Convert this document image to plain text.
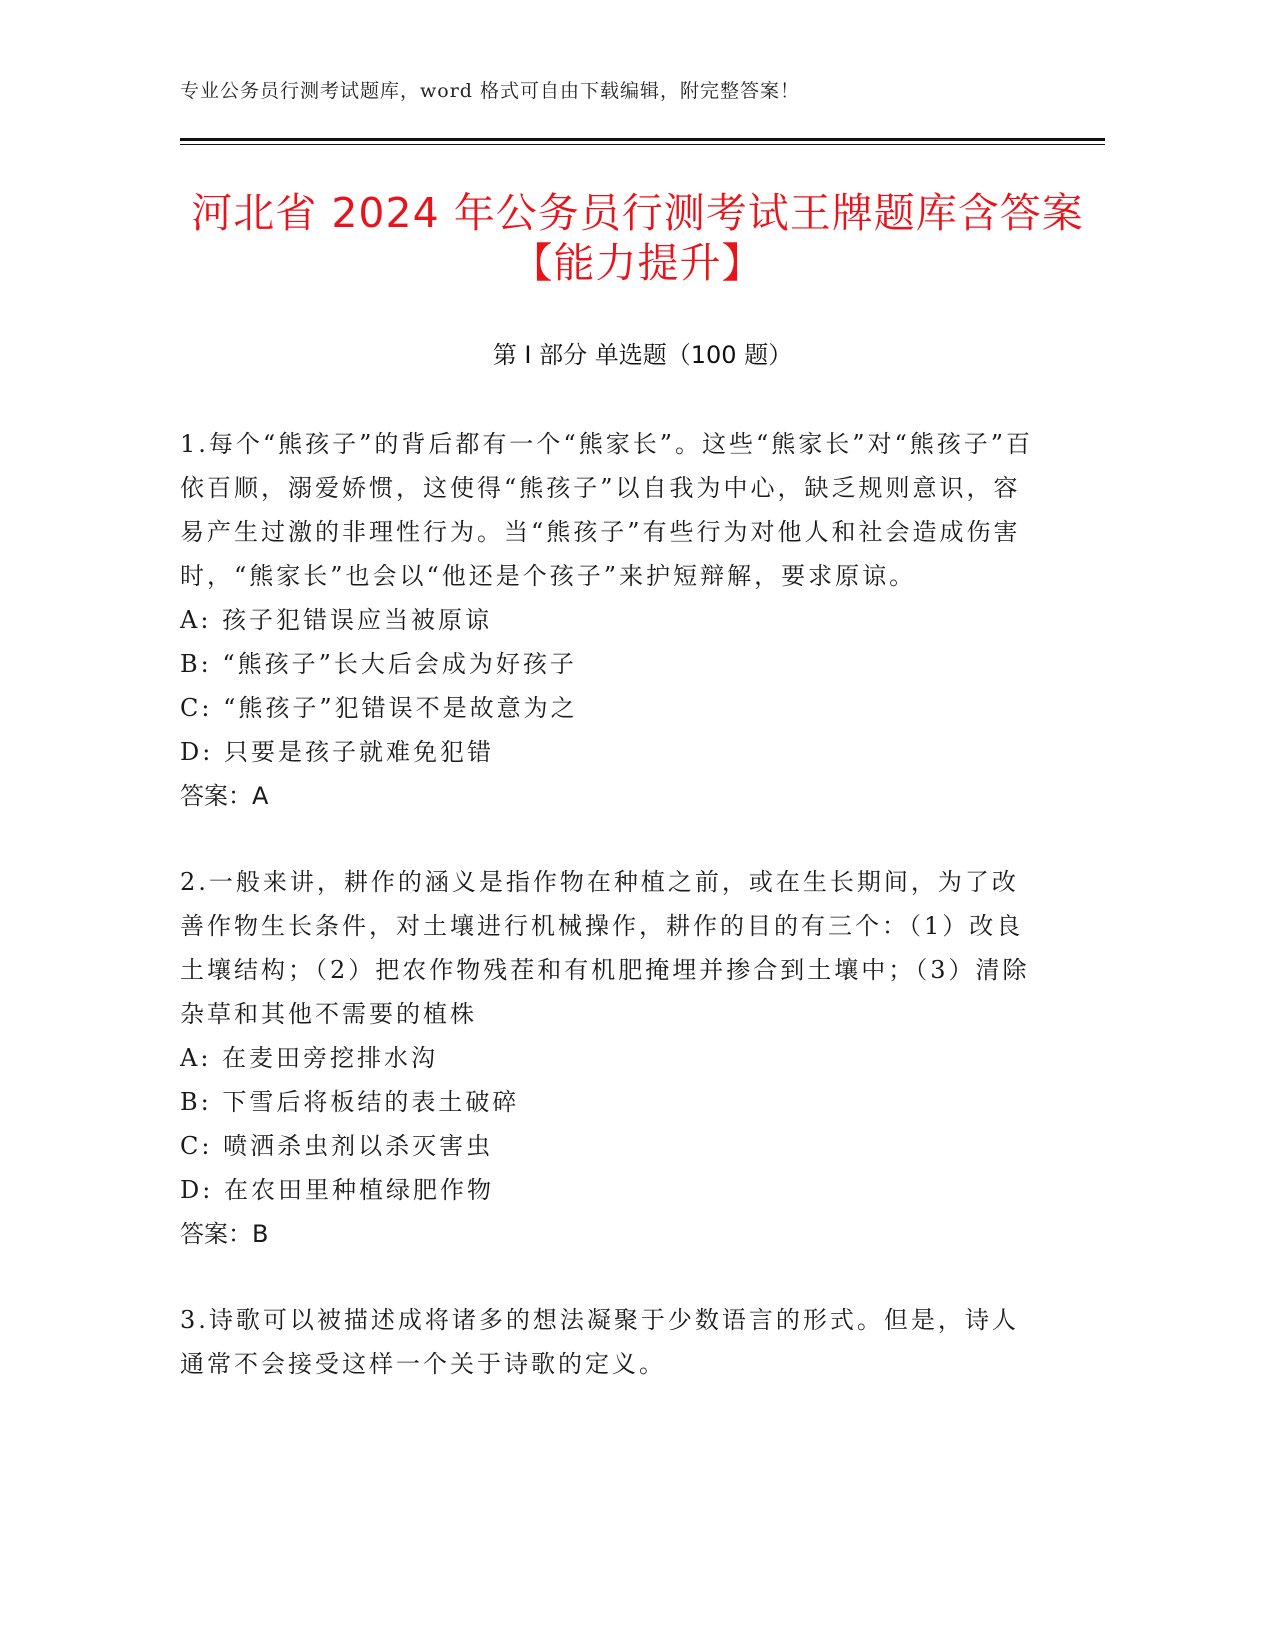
专业公务员行测考试题库，word 格式可自由下载编辑，附完整答案！
河北省 2024 年公务员行测考试王牌题库含答案【能力提升】
第 I 部分 单选题（100 题）

1.每个“熊孩子”的背后都有一个“熊家长”。这些“熊家长”对“熊孩子”百依百顺，溺爱娇惯，这使得“熊孩子”以自我为中心，缺乏规则意识，容易产生过激的非理性行为。当“熊孩子”有些行为对他人和社会造成伤害时，“熊家长”也会以“他还是个孩子”来护短辩解，要求原谅。

A: 孩子犯错误应当被原谅

B: “熊孩子”长大后会成为好孩子

C: “熊孩子”犯错误不是故意为之

D: 只要是孩子就难免犯错

答案：A

2.一般来讲，耕作的涵义是指作物在种植之前，或在生长期间，为了改善作物生长条件，对土壤进行机械操作，耕作的目的有三个：（1）改良土壤结构；（2）把农作物残茬和有机肥掩埋并掺合到土壤中；（3）清除杂草和其他不需要的植株

A: 在麦田旁挖排水沟

B: 下雪后将板结的表土破碎

C: 喷洒杀虫剂以杀灭害虫

D: 在农田里种植绿肥作物

答案：B

3.诗歌可以被描述成将诸多的想法凝聚于少数语言的形式。但是，诗人通常不会接受这样一个关于诗歌的定义。
